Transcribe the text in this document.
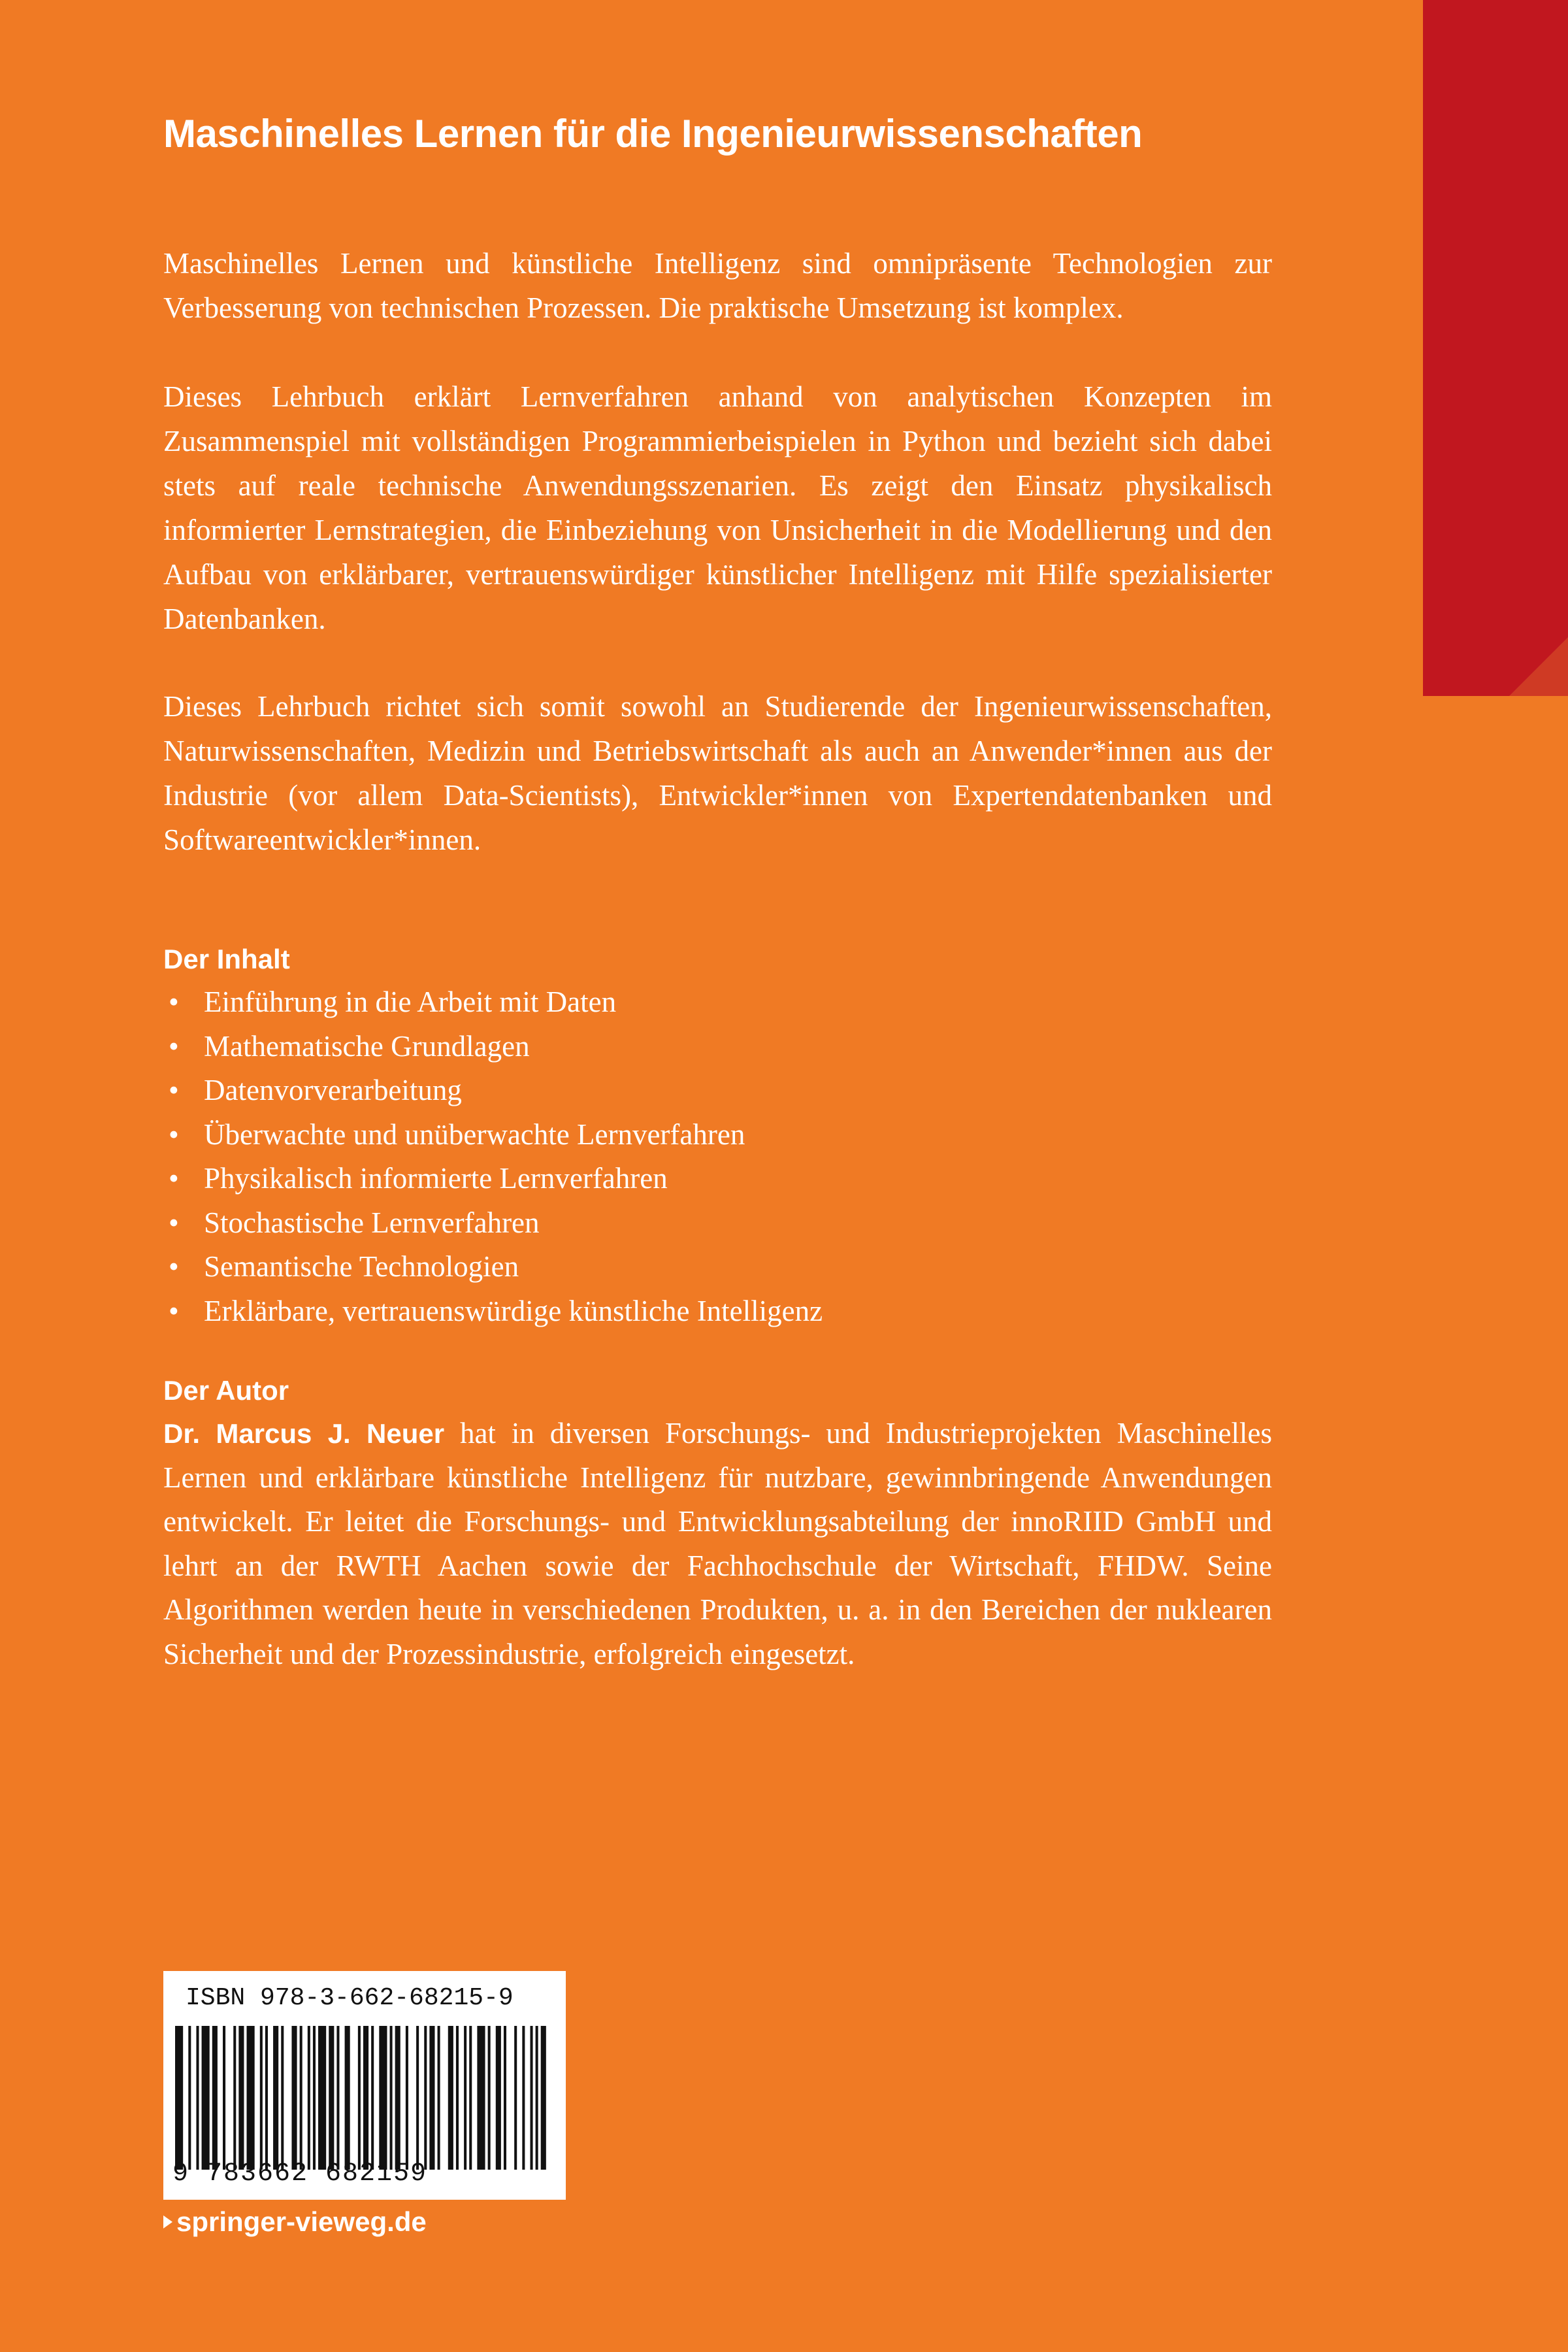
Maschinelles Lernen für die Ingenieurwissenschaften

Maschinelles Lernen und künstliche Intelligenz sind omnipräsente Technologien zur Verbesserung von technischen Prozessen. Die praktische Umsetzung ist komplex.

Dieses Lehrbuch erklärt Lernverfahren anhand von analytischen Konzepten im Zusammenspiel mit vollständigen Programmierbeispielen in Python und bezieht sich dabei stets auf reale technische Anwendungsszenarien. Es zeigt den Einsatz physikalisch informierter Lernstrategien, die Einbeziehung von Unsicherheit in die Modellierung und den Aufbau von erklärbarer, vertrauenswürdiger künstlicher Intelligenz mit Hilfe spezialisierter Datenbanken.

Dieses Lehrbuch richtet sich somit sowohl an Studierende der Ingenieurwissenschaften, Naturwissenschaften, Medizin und Betriebswirtschaft als auch an Anwender*innen aus der Industrie (vor allem Data-Scientists), Entwickler*innen von Expertendatenbanken und Softwareentwickler*innen.

Der Inhalt
• Einführung in die Arbeit mit Daten
• Mathematische Grundlagen
• Datenvorverarbeitung
• Überwachte und unüberwachte Lernverfahren
• Physikalisch informierte Lernverfahren
• Stochastische Lernverfahren
• Semantische Technologien
• Erklärbare, vertrauenswürdige künstliche Intelligenz
Der Autor

Dr. Marcus J. Neuer hat in diversen Forschungs- und Industrieprojekten Maschinelles Lernen und erklärbare künstliche Intelligenz für nutzbare, gewinnbringende Anwendungen entwickelt. Er leitet die Forschungs- und Entwicklungsabteilung der innoRIID GmbH und lehrt an der RWTH Aachen sowie der Fachhochschule der Wirtschaft, FHDW. Seine Algorithmen werden heute in verschiedenen Produkten, u. a. in den Bereichen der nuklearen Sicherheit und der Prozessindustrie, erfolgreich eingesetzt.

ISBN 978-3-662-68215-9
9 783662 682159
springer-vieweg.de
